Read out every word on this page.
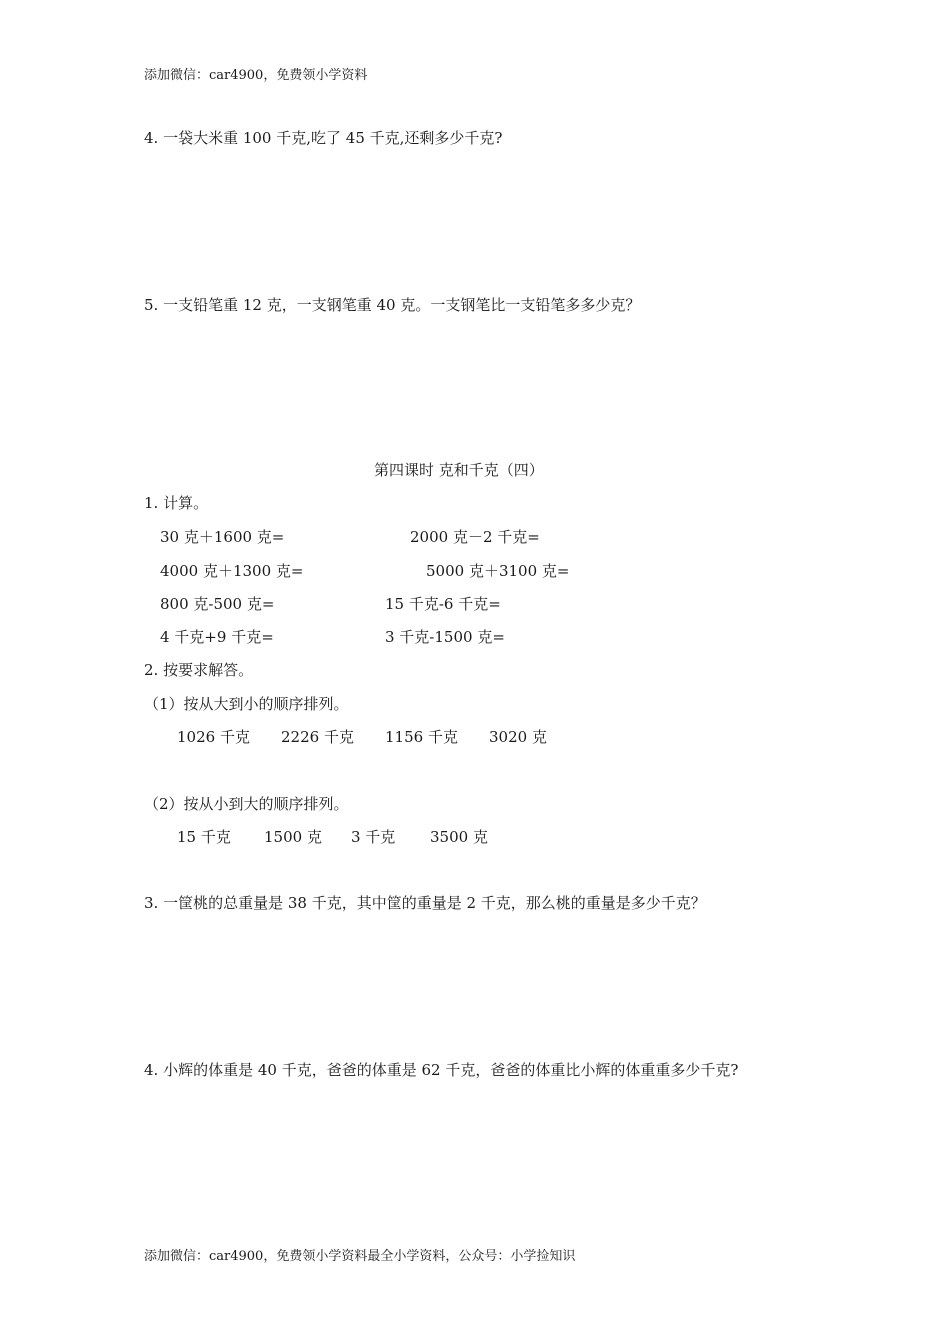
添加微信：car4900，免费领小学资料
4. 一袋大米重 100 千克,吃了 45 千克,还剩多少千克?
5. 一支铅笔重 12 克，一支钢笔重 40 克。一支钢笔比一支铅笔多多少克？
第四课时 克和千克（四）
1. 计算。
30 克＋1600 克=	2000 克－2 千克=
4000 克＋1300 克=	5000 克＋3100 克=
800 克-500 克=	15 千克-6 千克=
4 千克+9 千克=	3 千克-1500 克=
2. 按要求解答。
（1）按从大到小的顺序排列。
1026 千克 2226 千克 1156 千克 3020 克
（2）按从小到大的顺序排列。
15 千克 1500 克 3 千克 3500 克
3. 一筐桃的总重量是 38 千克，其中筐的重量是 2 千克，那么桃的重量是多少千克？
4. 小辉的体重是 40 千克，爸爸的体重是 62 千克，爸爸的体重比小辉的体重重多少千克?
添加微信：car4900，免费领小学资料最全小学资料，公众号：小学捡知识
